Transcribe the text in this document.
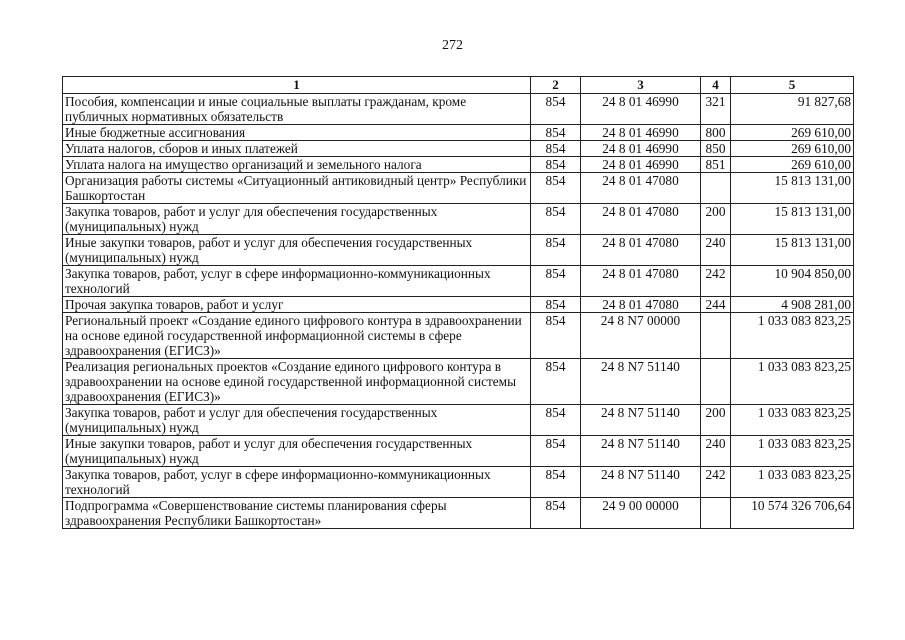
272
1	2	3	4	5
Пособия, компенсации и иные социальные выплаты гражданам, кроме публичных нормативных обязательств	854	24 8 01 46990	321	91 827,68
Иные бюджетные ассигнования	854	24 8 01 46990	800	269 610,00
Уплата налогов, сборов и иных платежей	854	24 8 01 46990	850	269 610,00
Уплата налога на имущество организаций и земельного налога	854	24 8 01 46990	851	269 610,00
Организация работы системы «Ситуационный антиковидный центр» Республики Башкортостан	854	24 8 01 47080		15 813 131,00
Закупка товаров, работ и услуг для обеспечения государственных (муниципальных) нужд	854	24 8 01 47080	200	15 813 131,00
Иные закупки товаров, работ и услуг для обеспечения государственных (муниципальных) нужд	854	24 8 01 47080	240	15 813 131,00
Закупка товаров, работ, услуг в сфере информационно-коммуникационных технологий	854	24 8 01 47080	242	10 904 850,00
Прочая закупка товаров, работ и услуг	854	24 8 01 47080	244	4 908 281,00
Региональный проект «Создание единого цифрового контура в здравоохранении на основе единой государственной информационной системы в сфере здравоохранения (ЕГИСЗ)»	854	24 8 N7 00000		1 033 083 823,25
Реализация региональных проектов «Создание единого цифрового контура в здравоохранении на основе единой государственной информационной системы здравоохранения (ЕГИСЗ)»	854	24 8 N7 51140		1 033 083 823,25
Закупка товаров, работ и услуг для обеспечения государственных (муниципальных) нужд	854	24 8 N7 51140	200	1 033 083 823,25
Иные закупки товаров, работ и услуг для обеспечения государственных (муниципальных) нужд	854	24 8 N7 51140	240	1 033 083 823,25
Закупка товаров, работ, услуг в сфере информационно-коммуникационных технологий	854	24 8 N7 51140	242	1 033 083 823,25
Подпрограмма «Совершенствование системы планирования сферы здравоохранения Республики Башкортостан»	854	24 9 00 00000		10 574 326 706,64
